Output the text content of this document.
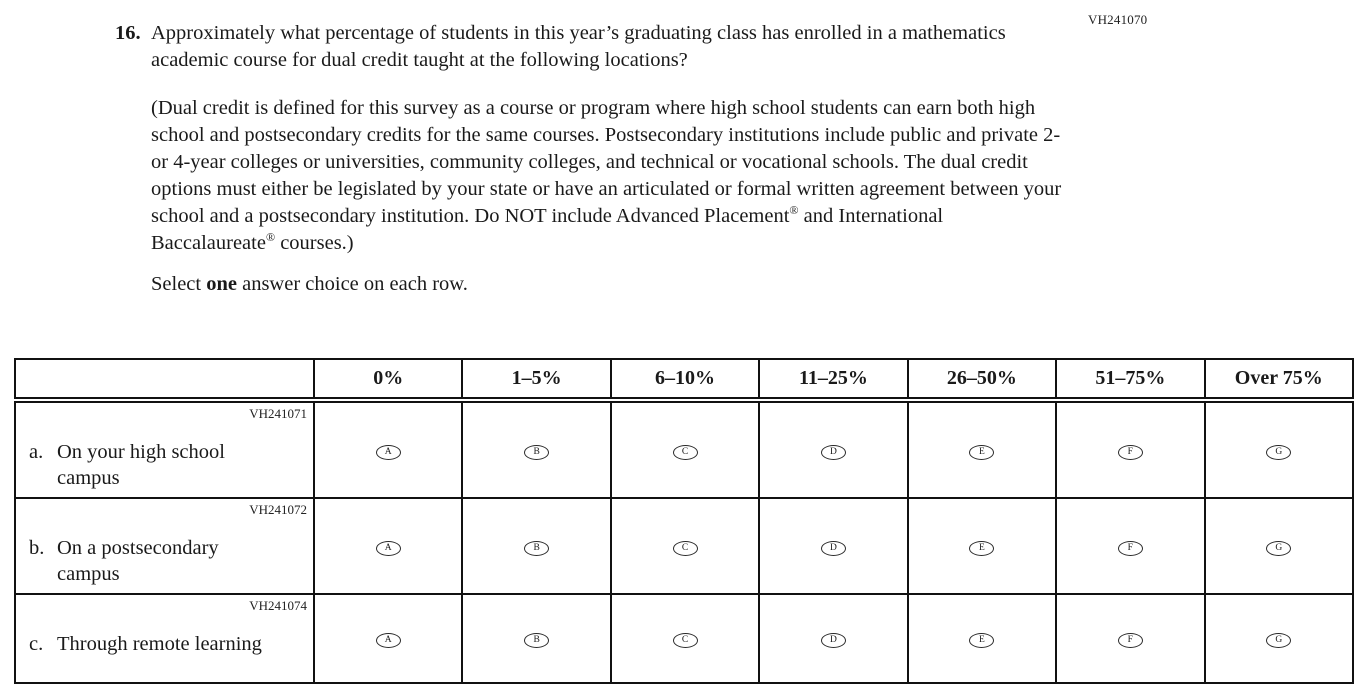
VH241070
16. Approximately what percentage of students in this year’s graduating class has enrolled in a mathematics academic course for dual credit taught at the following locations?

(Dual credit is defined for this survey as a course or program where high school students can earn both high school and postsecondary credits for the same courses. Postsecondary institutions include public and private 2- or 4-year colleges or universities, community colleges, and technical or vocational schools. The dual credit options must either be legislated by your state or have an articulated or formal written agreement between your school and a postsecondary institution. Do NOT include Advanced Placement® and International Baccalaureate® courses.)

Select one answer choice on each row.

	0%	1–5%	6–10%	11–25%	26–50%	51–75%	Over 75%

VH241071
a. On your high school campus	A	B	C	D	E	F	G

VH241072
b. On a postsecondary campus	A	B	C	D	E	F	G

VH241074
c. Through remote learning	A	B	C	D	E	F	G
